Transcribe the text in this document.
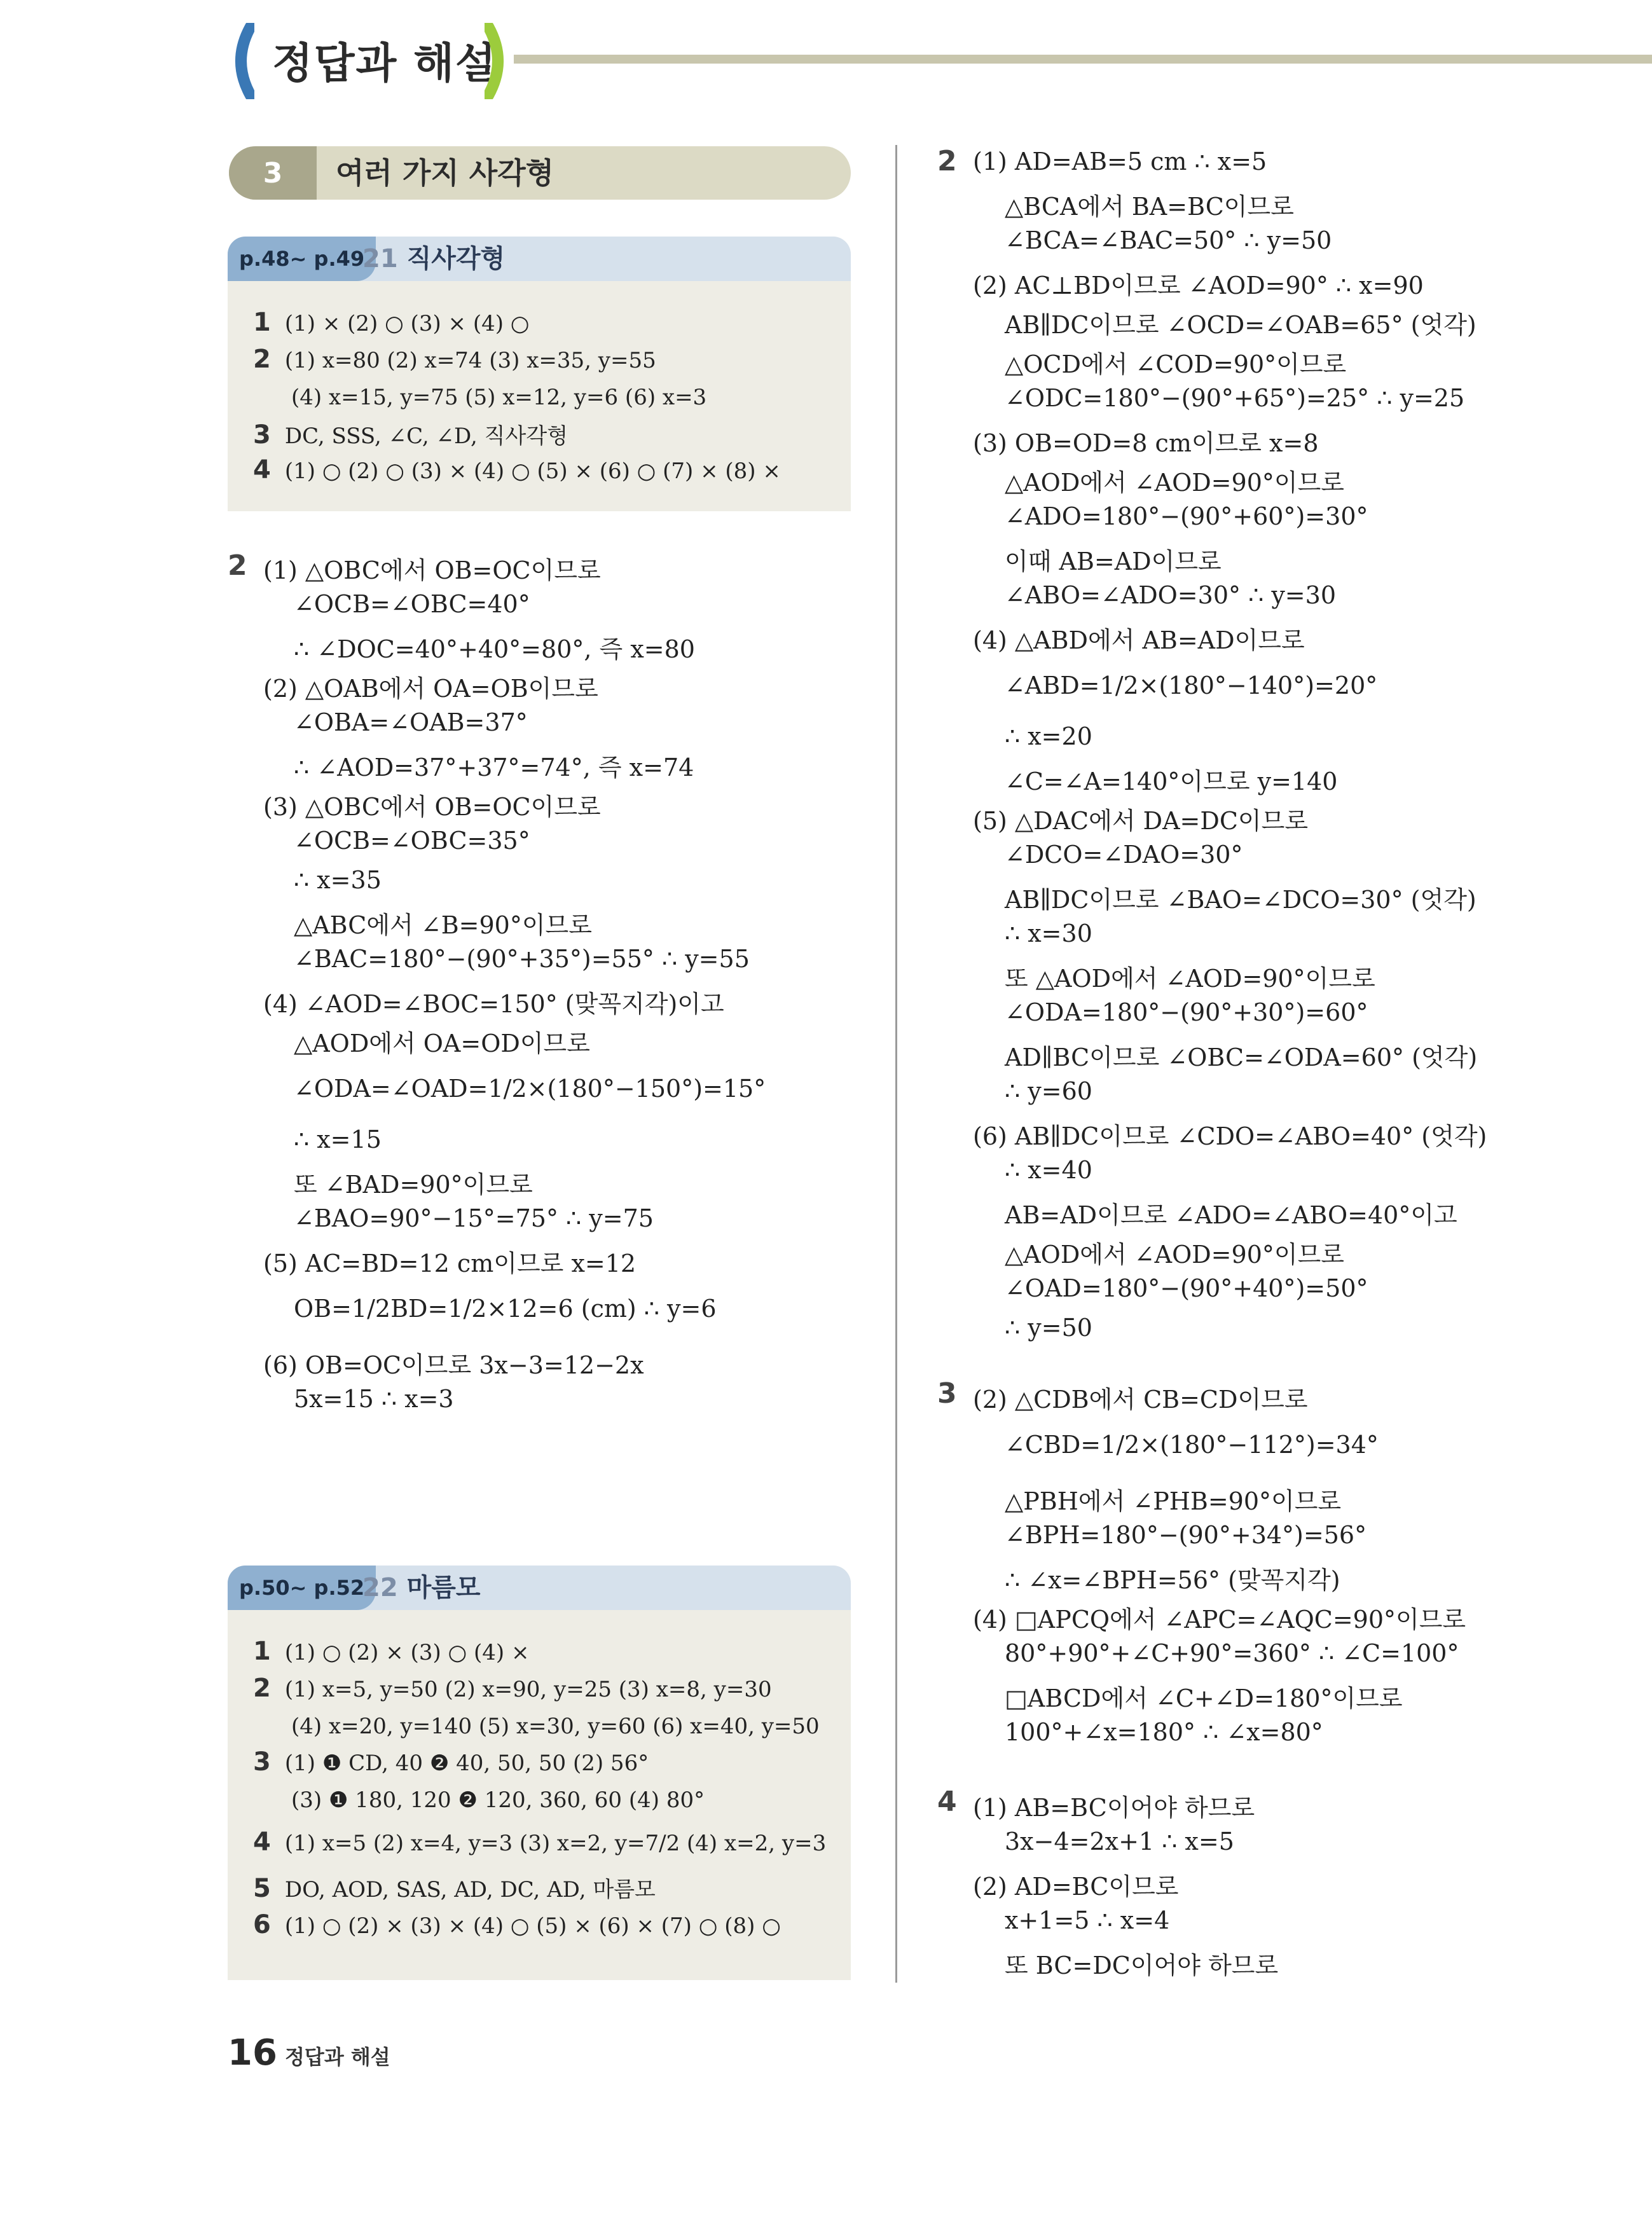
정답과 해설
3	여러 가지 사각형
p.48~ p.49
21 직사각형
1 (1) × (2) ○ (3) × (4) ○
2 (1) x=80 (2) x=74 (3) x=35, y=55
(4) x=15, y=75 (5) x=12, y=6 (6) x=3
3 DC, SSS, ∠C, ∠D, 직사각형
4 (1) ○ (2) ○ (3) × (4) ○ (5) × (6) ○ (7) × (8) ×
2 (1) △OBC에서 OB=OC이므로
∠OCB=∠OBC=40°
∴ ∠DOC=40°+40°=80°, 즉 x=80
(2) △OAB에서 OA=OB이므로
∠OBA=∠OAB=37°
∴ ∠AOD=37°+37°=74°, 즉 x=74
(3) △OBC에서 OB=OC이므로
∠OCB=∠OBC=35°
∴ x=35
△ABC에서 ∠B=90°이므로
∠BAC=180°−(90°+35°)=55° ∴ y=55
(4) ∠AOD=∠BOC=150° (맞꼭지각)이고
△AOD에서 OA=OD이므로
∠ODA=∠OAD=1/2×(180°−150°)=15°
∴ x=15
또 ∠BAD=90°이므로
∠BAO=90°−15°=75° ∴ y=75
(5) AC=BD=12 cm이므로 x=12
OB=1/2BD=1/2×12=6 (cm) ∴ y=6
(6) OB=OC이므로 3x−3=12−2x
5x=15 ∴ x=3
p.50~ p.52
22 마름모
1 (1) ○ (2) × (3) ○ (4) ×
2 (1) x=5, y=50 (2) x=90, y=25 (3) x=8, y=30
(4) x=20, y=140 (5) x=30, y=60 (6) x=40, y=50
3 (1) ❶ CD, 40 ❷ 40, 50, 50 (2) 56°
(3) ❶ 180, 120 ❷ 120, 360, 60 (4) 80°
4 (1) x=5 (2) x=4, y=3 (3) x=2, y=7/2 (4) x=2, y=3
5 DO, AOD, SAS, AD, DC, AD, 마름모
6 (1) ○ (2) × (3) × (4) ○ (5) × (6) × (7) ○ (8) ○
2 (1) AD=AB=5 cm ∴ x=5
△BCA에서 BA=BC이므로
∠BCA=∠BAC=50° ∴ y=50
(2) AC⊥BD이므로 ∠AOD=90° ∴ x=90
AB∥DC이므로 ∠OCD=∠OAB=65° (엇각)
△OCD에서 ∠COD=90°이므로
∠ODC=180°−(90°+65°)=25° ∴ y=25
(3) OB=OD=8 cm이므로 x=8
△AOD에서 ∠AOD=90°이므로
∠ADO=180°−(90°+60°)=30°
이때 AB=AD이므로
∠ABO=∠ADO=30° ∴ y=30
(4) △ABD에서 AB=AD이므로
∠ABD=1/2×(180°−140°)=20°
∴ x=20
∠C=∠A=140°이므로 y=140
(5) △DAC에서 DA=DC이므로
∠DCO=∠DAO=30°
AB∥DC이므로 ∠BAO=∠DCO=30° (엇각)
∴ x=30
또 △AOD에서 ∠AOD=90°이므로
∠ODA=180°−(90°+30°)=60°
AD∥BC이므로 ∠OBC=∠ODA=60° (엇각)
∴ y=60
(6) AB∥DC이므로 ∠CDO=∠ABO=40° (엇각)
∴ x=40
AB=AD이므로 ∠ADO=∠ABO=40°이고
△AOD에서 ∠AOD=90°이므로
∠OAD=180°−(90°+40°)=50°
∴ y=50
3 (2) △CDB에서 CB=CD이므로
∠CBD=1/2×(180°−112°)=34°
△PBH에서 ∠PHB=90°이므로
∠BPH=180°−(90°+34°)=56°
∴ ∠x=∠BPH=56° (맞꼭지각)
(4) □APCQ에서 ∠APC=∠AQC=90°이므로
80°+90°+∠C+90°=360° ∴ ∠C=100°
□ABCD에서 ∠C+∠D=180°이므로
100°+∠x=180° ∴ ∠x=80°
4 (1) AB=BC이어야 하므로
3x−4=2x+1 ∴ x=5
(2) AD=BC이므로
x+1=5 ∴ x=4
또 BC=DC이어야 하므로
16 정답과 해설
